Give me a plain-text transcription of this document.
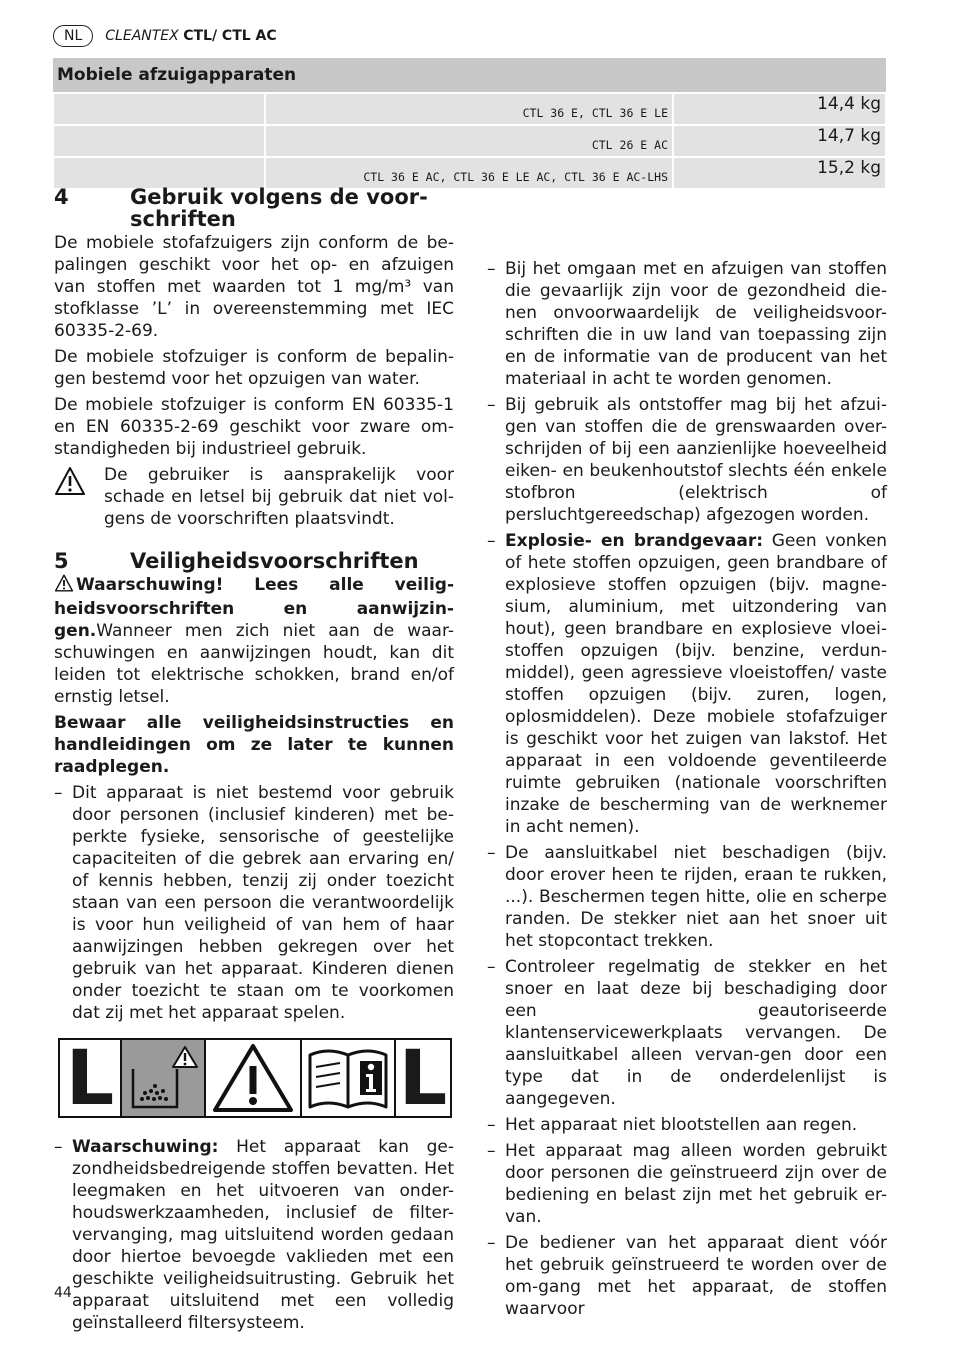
NL	CLEANTEX CTL/ CTL AC
Mobiele afzuigapparaten		
	CTL 36 E, CTL 36 E LE	14,4 kg
	CTL 26 E AC	14,7 kg
	CTL 36 E AC, CTL 36 E LE AC, CTL 36 E AC-LHS	15,2 kg
4	Gebruik volgens de voor-schriften

De mobiele stofafzuigers zijn conform de be-palingen geschikt voor het op- en afzuigen van stoffen met waarden tot 1 mg/m³ van stofklasse ’L’ in overeenstemming met IEC 60335-2-69.

De mobiele stofzuiger is conform de bepalin-gen bestemd voor het opzuigen van water.

De mobiele stofzuiger is conform EN 60335-1 en EN 60335-2-69 geschikt voor zware om-standigheden bij industrieel gebruik.

De gebruiker is aansprakelijk voor schade en letsel bij gebruik dat niet vol-gens de voorschriften plaatsvindt.

5	Veiligheidsvoorschriften

Waarschuwing! Lees alle veilig-heidsvoorschriften en aanwijzin-gen.Wanneer men zich niet aan de waar-schuwingen en aanwijzingen houdt, kan dit leiden tot elektrische schokken, brand en/of ernstig letsel.

Bewaar alle veiligheidsinstructies en handleidingen om ze later te kunnen raadplegen.

– Dit apparaat is niet bestemd voor gebruik door personen (inclusief kinderen) met be-perkte fysieke, sensorische of geestelijke capaciteiten of die gebrek aan ervaring en/ of kennis hebben, tenzij zij onder toezicht staan van een persoon die verantwoordelijk is voor hun veiligheid of van hem of haar aanwijzingen hebben gekregen over het gebruik van het apparaat. Kinderen dienen onder toezicht te staan om te voorkomen dat zij met het apparaat spelen.
L	L
– Waarschuwing: Het apparaat kan ge-zondheidsbedreigende stoffen bevatten. Het leegmaken en het uitvoeren van onder-houdswerkzaamheden, inclusief de filter-vervanging, mag uitsluitend worden gedaan door hiertoe bevoegde vaklieden met een geschikte veiligheidsuitrusting. Gebruik het apparaat uitsluitend met een volledig geïnstalleerd filtersysteem.
– Bij het omgaan met en afzuigen van stoffen die gevaarlijk zijn voor de gezondheid die-nen onvoorwaardelijk de veiligheidsvoor-schriften die in uw land van toepassing zijn en de informatie van de producent van het materiaal in acht te worden genomen.
– Bij gebruik als ontstoffer mag bij het afzui-gen van stoffen die de grenswaarden over-schrijden of bij een aanzienlijke hoeveelheid eiken- en beukenhoutstof slechts één enkele stofbron (elektrisch of persluchtgereedschap) afgezogen worden.
– Explosie- en brandgevaar: Geen vonken of hete stoffen opzuigen, geen brandbare of explosieve stoffen opzuigen (bijv. magne-sium, aluminium, met uitzondering van hout), geen brandbare en explosieve vloei-stoffen opzuigen (bijv. benzine, verdun-middel), geen agressieve vloeistoffen/ vaste stoffen opzuigen (bijv. zuren, logen, oplosmiddelen). Deze mobiele stofafzuiger is geschikt voor het zuigen van lakstof. Het apparaat in een voldoende geventileerde ruimte gebruiken (nationale voorschriften inzake de bescherming van de werknemer in acht nemen).
– De aansluitkabel niet beschadigen (bijv. door erover heen te rijden, eraan te rukken, ...). Beschermen tegen hitte, olie en scherpe randen. De stekker niet aan het snoer uit het stopcontact trekken.
– Controleer regelmatig de stekker en het snoer en laat deze bij beschadiging door een geautoriseerde klantenservicewerkplaats vervangen. De aansluitkabel alleen vervan-gen door een type dat in de onderdelenlijst is aangegeven.
– Het apparaat niet blootstellen aan regen.
– Het apparaat mag alleen worden gebruikt door personen die geïnstrueerd zijn over de bediening en belast zijn met het gebruik er-van.
– De bediener van het apparaat dient vóór het gebruik geïnstrueerd te worden over de om-gang met het apparaat, de stoffen waarvoor
44
